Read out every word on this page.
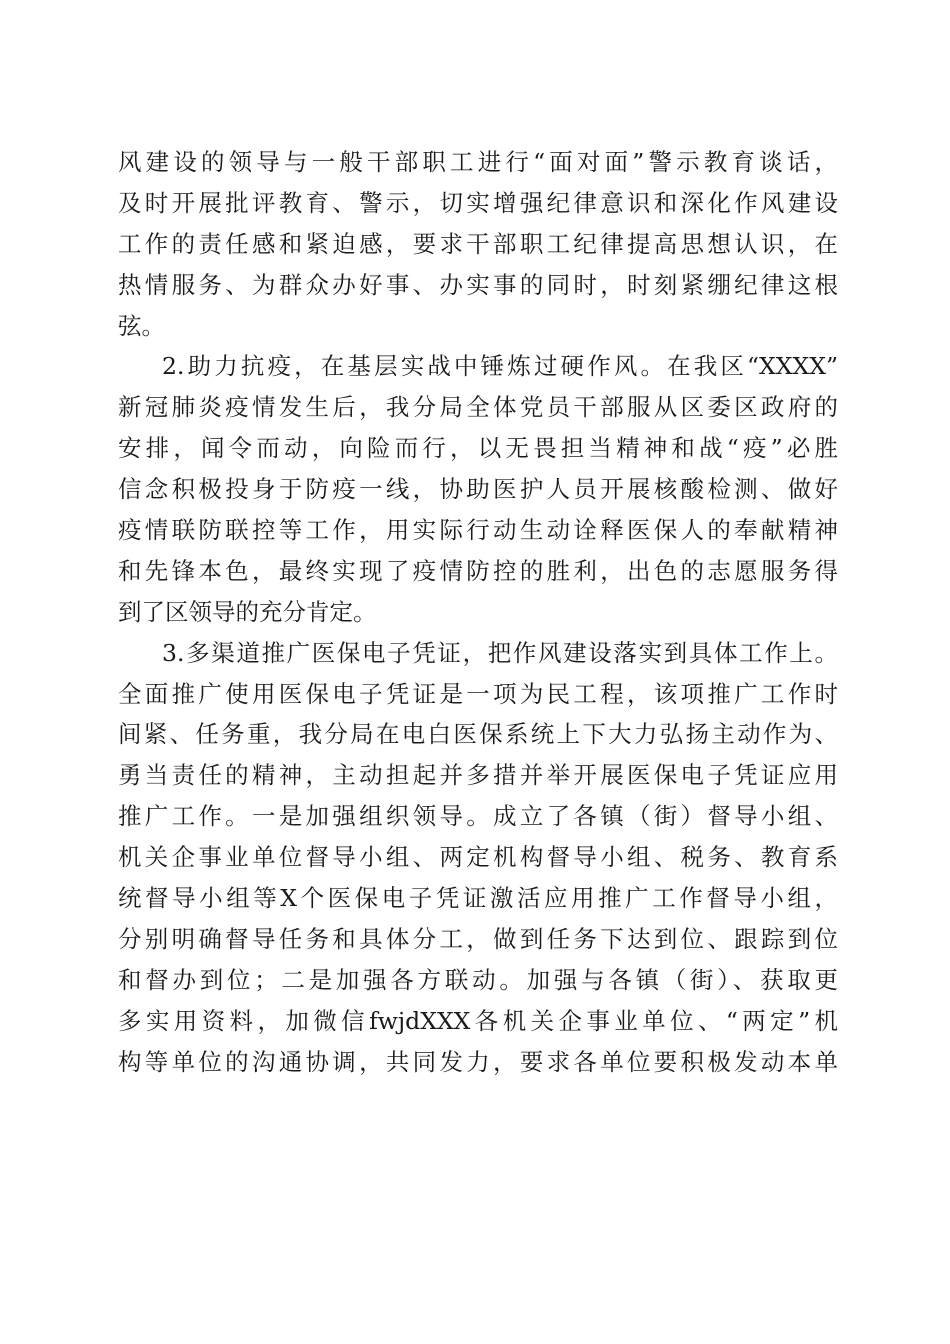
风建设的领导与一般干部职工进行“面对面”警示教育谈话，
及时开展批评教育、警示，切实增强纪律意识和深化作风建设
工作的责任感和紧迫感，要求干部职工纪律提高思想认识，在
热情服务、为群众办好事、办实事的同时，时刻紧绷纪律这根
弦。
2.助力抗疫，在基层实战中锤炼过硬作风。在我区“XXXX”
新冠肺炎疫情发生后，我分局全体党员干部服从区委区政府的
安排，闻令而动，向险而行，以无畏担当精神和战“疫”必胜
信念积极投身于防疫一线，协助医护人员开展核酸检测、做好
疫情联防联控等工作，用实际行动生动诠释医保人的奉献精神
和先锋本色，最终实现了疫情防控的胜利，出色的志愿服务得
到了区领导的充分肯定。
3.多渠道推广医保电子凭证，把作风建设落实到具体工作上。
全面推广使用医保电子凭证是一项为民工程，该项推广工作时
间紧、任务重，我分局在电白医保系统上下大力弘扬主动作为、
勇当责任的精神，主动担起并多措并举开展医保电子凭证应用
推广工作。一是加强组织领导。成立了各镇（街）督导小组、
机关企事业单位督导小组、两定机构督导小组、税务、教育系
统督导小组等X个医保电子凭证激活应用推广工作督导小组，
分别明确督导任务和具体分工，做到任务下达到位、跟踪到位
和督办到位；二是加强各方联动。加强与各镇（街）、获取更
多实用资料，加微信fwjdXXX各机关企事业单位、“两定”机
构等单位的沟通协调，共同发力，要求各单位要积极发动本单
